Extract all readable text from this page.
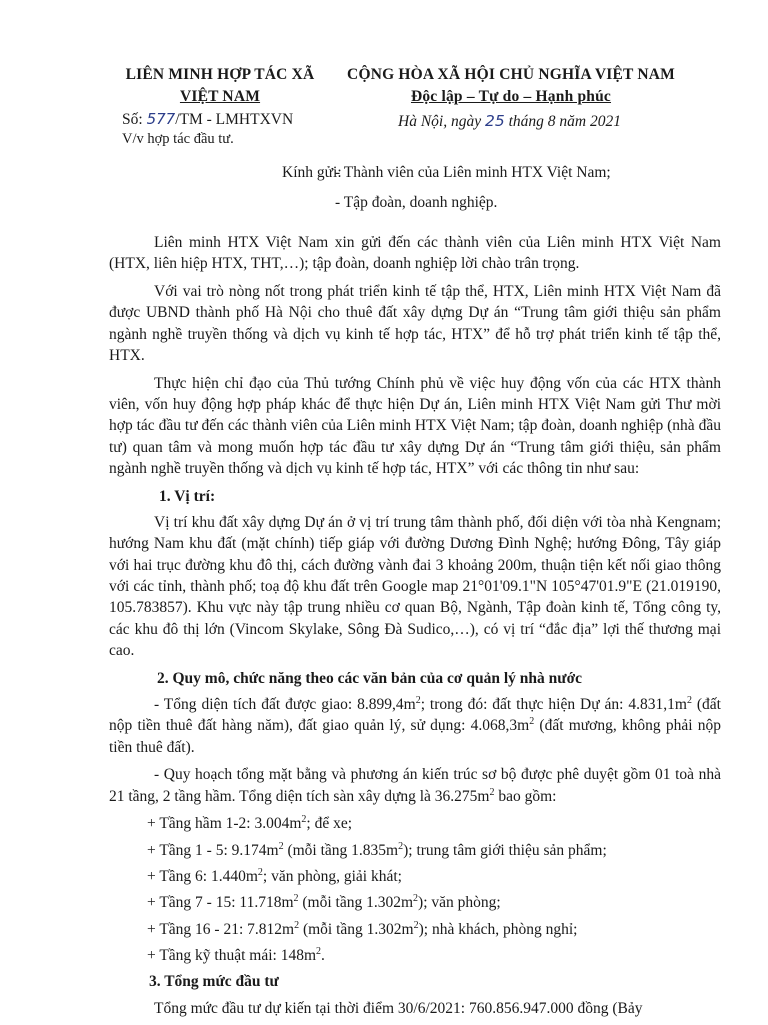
LIÊN MINH HỢP TÁC XÃ
VIỆT NAM
CỘNG HÒA XÃ HỘI CHỦ NGHĨA VIỆT NAM
Độc lập – Tự do – Hạnh phúc
Số: 577/TM - LMHTXVN
V/v hợp tác đầu tư.
Hà Nội, ngày 25 tháng 8 năm 2021
Kính gửi:
- Thành viên của Liên minh HTX Việt Nam;
- Tập đoàn, doanh nghiệp.

Liên minh HTX Việt Nam xin gửi đến các thành viên của Liên minh HTX Việt Nam (HTX, liên hiệp HTX, THT,…); tập đoàn, doanh nghiệp lời chào trân trọng.

Với vai trò nòng nốt trong phát triển kinh tế tập thể, HTX, Liên minh HTX Việt Nam đã được UBND thành phố Hà Nội cho thuê đất xây dựng Dự án “Trung tâm giới thiệu sản phẩm ngành nghề truyền thống và dịch vụ kinh tế hợp tác, HTX” để hỗ trợ phát triển kinh tế tập thể, HTX.

Thực hiện chỉ đạo của Thủ tướng Chính phủ về việc huy động vốn của các HTX thành viên, vốn huy động hợp pháp khác để thực hiện Dự án, Liên minh HTX Việt Nam gửi Thư mời hợp tác đầu tư đến các thành viên của Liên minh HTX Việt Nam; tập đoàn, doanh nghiệp (nhà đầu tư) quan tâm và mong muốn hợp tác đầu tư xây dựng Dự án “Trung tâm giới thiệu, sản phẩm ngành nghề truyền thống và dịch vụ kinh tế hợp tác, HTX” với các thông tin như sau:

1. Vị trí:

Vị trí khu đất xây dựng Dự án ở vị trí trung tâm thành phố, đối diện với tòa nhà Kengnam; hướng Nam khu đất (mặt chính) tiếp giáp với đường Dương Đình Nghệ; hướng Đông, Tây giáp với hai trục đường khu đô thị, cách đường vành đai 3 khoảng 200m, thuận tiện kết nối giao thông với các tỉnh, thành phố; toạ độ khu đất trên Google map 21°01'09.1"N 105°47'01.9"E (21.019190, 105.783857). Khu vực này tập trung nhiều cơ quan Bộ, Ngành, Tập đoàn kinh tế, Tổng công ty, các khu đô thị lớn (Vincom Skylake, Sông Đà Sudico,…), có vị trí “đắc địa” lợi thế thương mại cao.

2. Quy mô, chức năng theo các văn bản của cơ quản lý nhà nước

- Tổng diện tích đất được giao: $8.899,4m^2$; trong đó: đất thực hiện Dự án: $4.831,1m^2$ (đất nộp tiền thuê đất hàng năm), đất giao quản lý, sử dụng: $4.068,3m^2$ (đất mương, không phải nộp tiền thuê đất).

- Quy hoạch tổng mặt bằng và phương án kiến trúc sơ bộ được phê duyệt gồm 01 toà nhà 21 tầng, 2 tầng hầm. Tổng diện tích sàn xây dựng là $36.275m^2$ bao gồm:

+ Tầng hầm 1-2: $3.004m^2$; để xe;
+ Tầng 1 - 5: $9.174m^2$ (mỗi tầng $1.835m^2$); trung tâm giới thiệu sản phẩm;
+ Tầng 6: $1.440m^2$; văn phòng, giải khát;
+ Tầng 7 - 15: $11.718m^2$ (mỗi tầng $1.302m^2$); văn phòng;
+ Tầng 16 - 21: $7.812m^2$ (mỗi tầng $1.302m^2$); nhà khách, phòng nghỉ;
+ Tầng kỹ thuật mái: $148m^2$.
3. Tổng mức đầu tư

Tổng mức đầu tư dự kiến tại thời điểm 30/6/2021: 760.856.947.000 đồng (Bảy
